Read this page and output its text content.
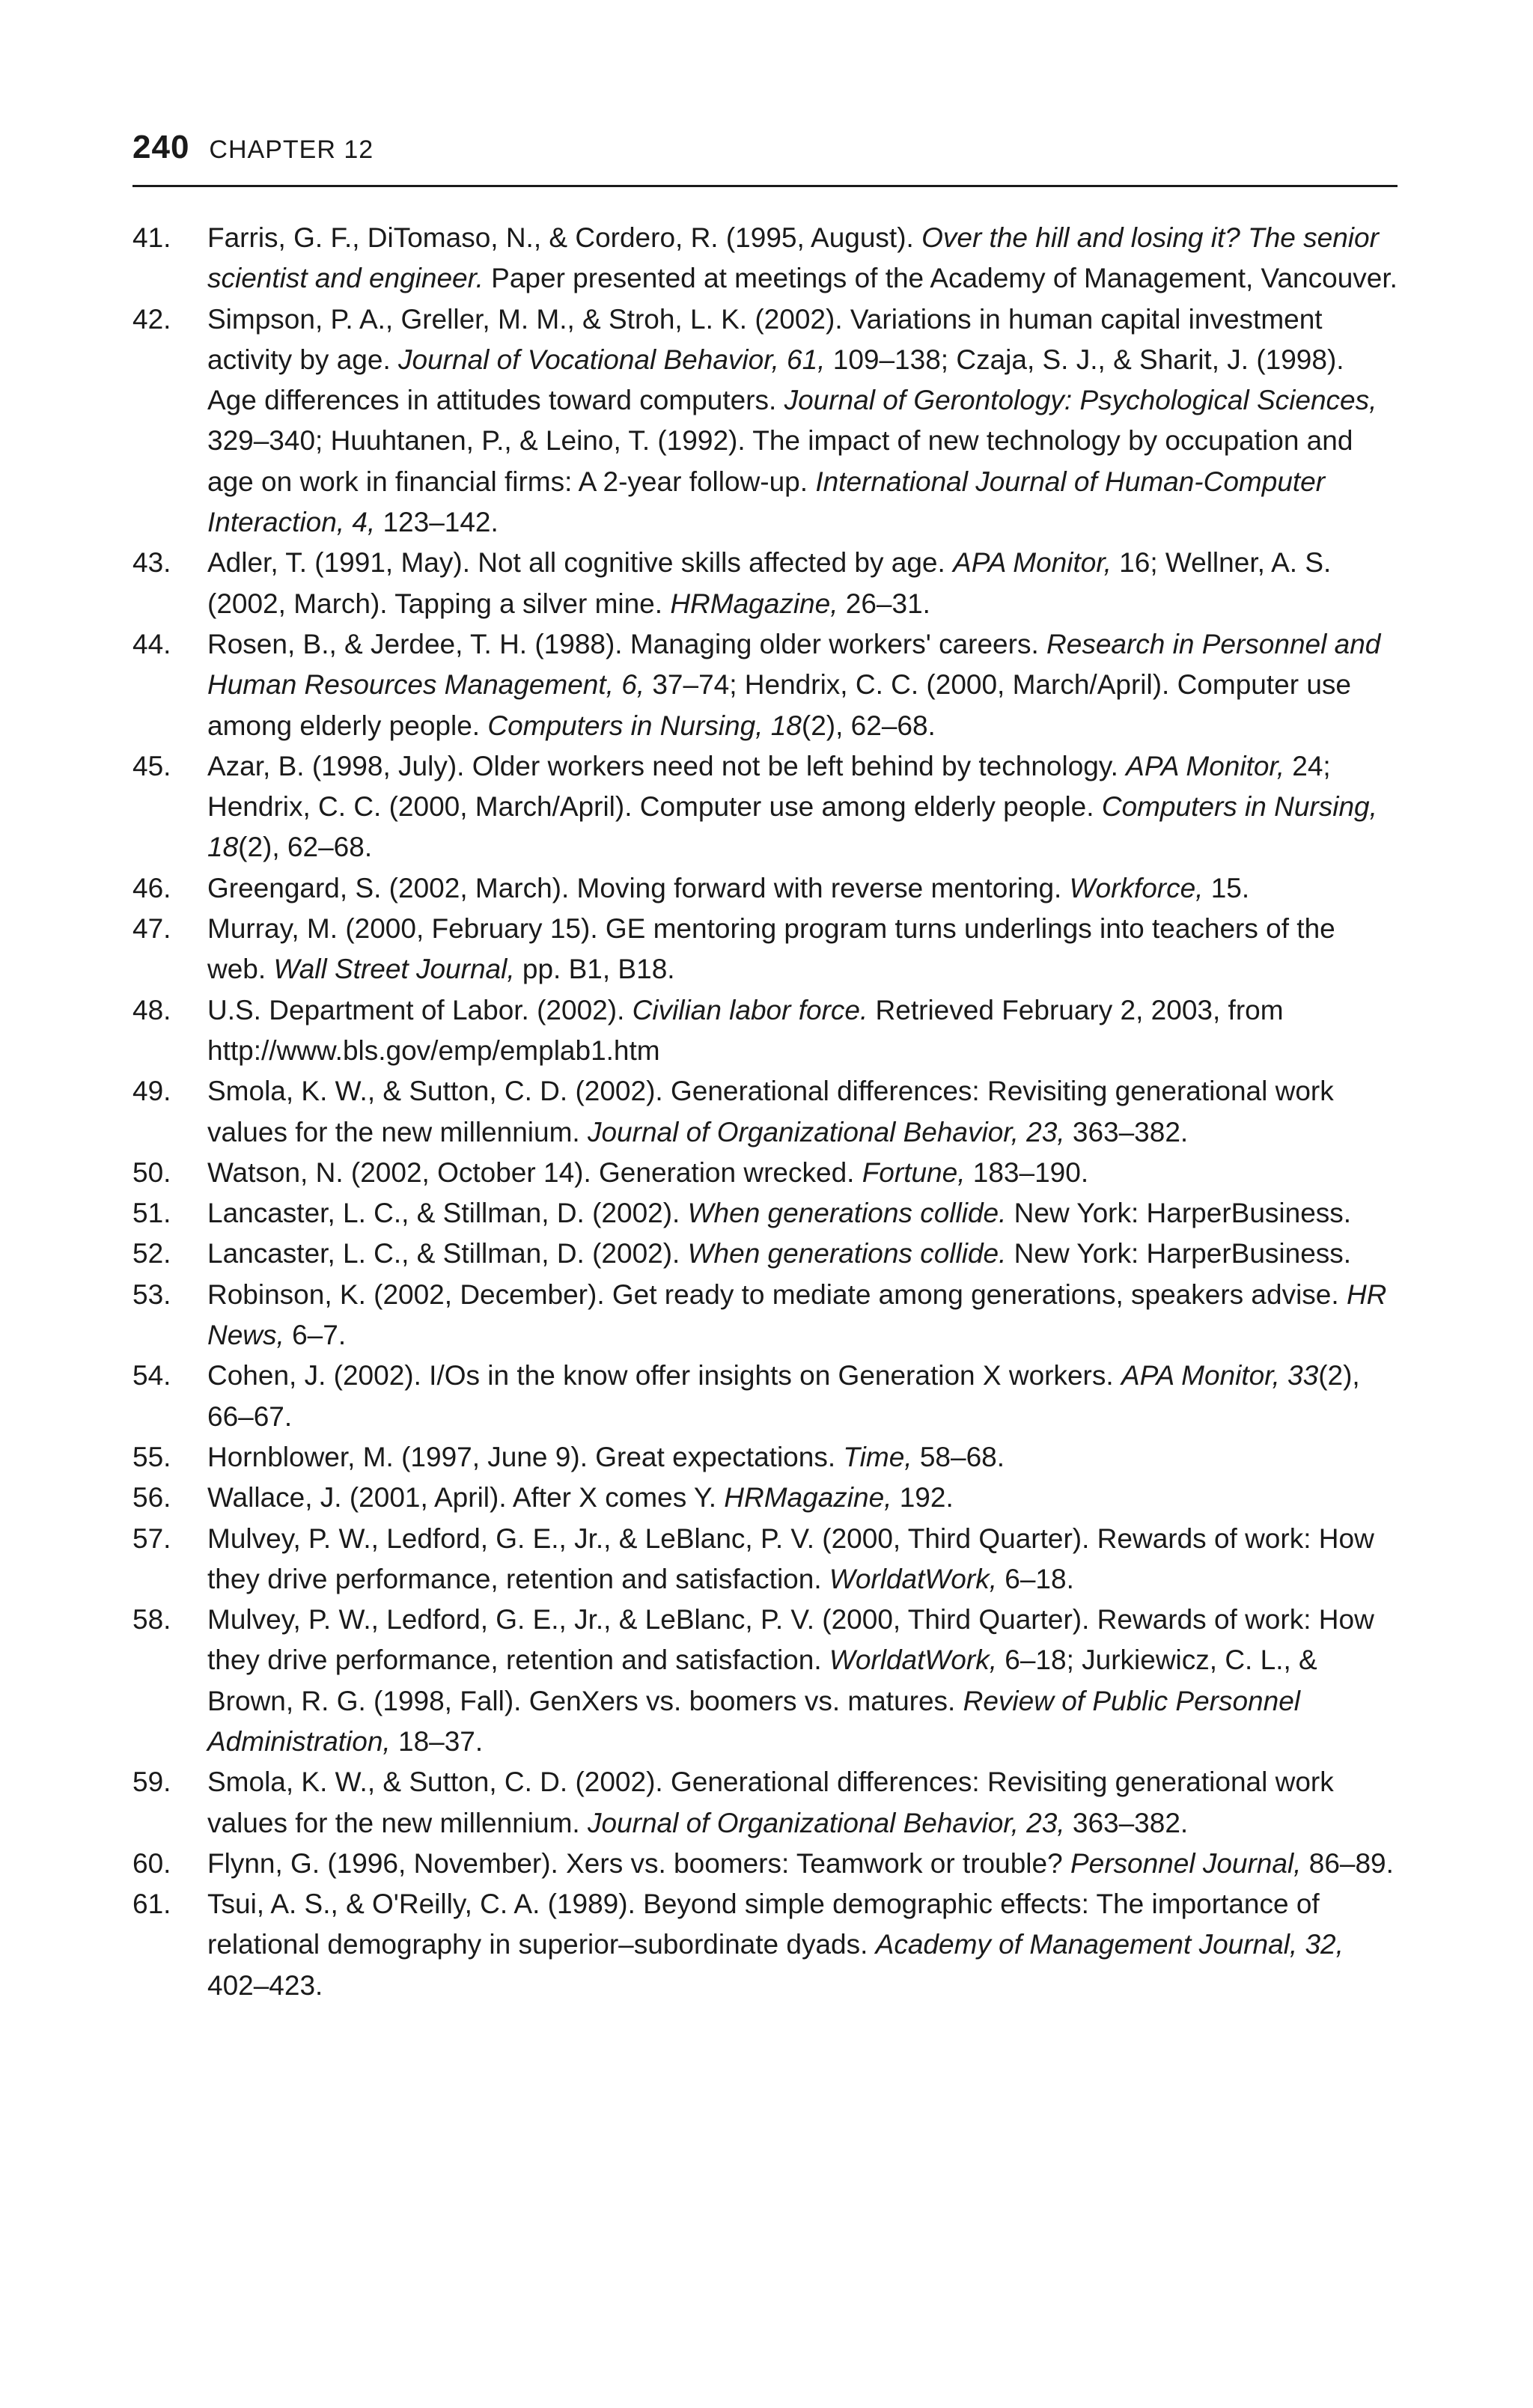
240 CHAPTER 12
41.	Farris, G. F., DiTomaso, N., & Cordero, R. (1995, August). Over the hill and losing it? The senior scientist and engineer. Paper presented at meetings of the Academy of Management, Vancouver.
42.	Simpson, P. A., Greller, M. M., & Stroh, L. K. (2002). Variations in human capital investment activity by age. Journal of Vocational Behavior, 61, 109–138; Czaja, S. J., & Sharit, J. (1998). Age differences in attitudes toward computers. Journal of Gerontology: Psychological Sciences, 329–340; Huuhtanen, P., & Leino, T. (1992). The impact of new technology by occupation and age on work in financial firms: A 2-year follow-up. International Journal of Human-Computer Interaction, 4, 123–142.
43.	Adler, T. (1991, May). Not all cognitive skills affected by age. APA Monitor, 16; Wellner, A. S. (2002, March). Tapping a silver mine. HRMagazine, 26–31.
44.	Rosen, B., & Jerdee, T. H. (1988). Managing older workers' careers. Research in Personnel and Human Resources Management, 6, 37–74; Hendrix, C. C. (2000, March/April). Computer use among elderly people. Computers in Nursing, 18(2), 62–68.
45.	Azar, B. (1998, July). Older workers need not be left behind by technology. APA Monitor, 24; Hendrix, C. C. (2000, March/April). Computer use among elderly people. Computers in Nursing, 18(2), 62–68.
46.	Greengard, S. (2002, March). Moving forward with reverse mentoring. Workforce, 15.
47.	Murray, M. (2000, February 15). GE mentoring program turns underlings into teachers of the web. Wall Street Journal, pp. B1, B18.
48.	U.S. Department of Labor. (2002). Civilian labor force. Retrieved February 2, 2003, from http://www.bls.gov/emp/emplab1.htm
49.	Smola, K. W., & Sutton, C. D. (2002). Generational differences: Revisiting generational work values for the new millennium. Journal of Organizational Behavior, 23, 363–382.
50.	Watson, N. (2002, October 14). Generation wrecked. Fortune, 183–190.
51.	Lancaster, L. C., & Stillman, D. (2002). When generations collide. New York: HarperBusiness.
52.	Lancaster, L. C., & Stillman, D. (2002). When generations collide. New York: HarperBusiness.
53.	Robinson, K. (2002, December). Get ready to mediate among generations, speakers advise. HR News, 6–7.
54.	Cohen, J. (2002). I/Os in the know offer insights on Generation X workers. APA Monitor, 33(2), 66–67.
55.	Hornblower, M. (1997, June 9). Great expectations. Time, 58–68.
56.	Wallace, J. (2001, April). After X comes Y. HRMagazine, 192.
57.	Mulvey, P. W., Ledford, G. E., Jr., & LeBlanc, P. V. (2000, Third Quarter). Rewards of work: How they drive performance, retention and satisfaction. WorldatWork, 6–18.
58.	Mulvey, P. W., Ledford, G. E., Jr., & LeBlanc, P. V. (2000, Third Quarter). Rewards of work: How they drive performance, retention and satisfaction. WorldatWork, 6–18; Jurkiewicz, C. L., & Brown, R. G. (1998, Fall). GenXers vs. boomers vs. matures. Review of Public Personnel Administration, 18–37.
59.	Smola, K. W., & Sutton, C. D. (2002). Generational differences: Revisiting generational work values for the new millennium. Journal of Organizational Behavior, 23, 363–382.
60.	Flynn, G. (1996, November). Xers vs. boomers: Teamwork or trouble? Personnel Journal, 86–89.
61.	Tsui, A. S., & O'Reilly, C. A. (1989). Beyond simple demographic effects: The importance of relational demography in superior–subordinate dyads. Academy of Management Journal, 32, 402–423.
